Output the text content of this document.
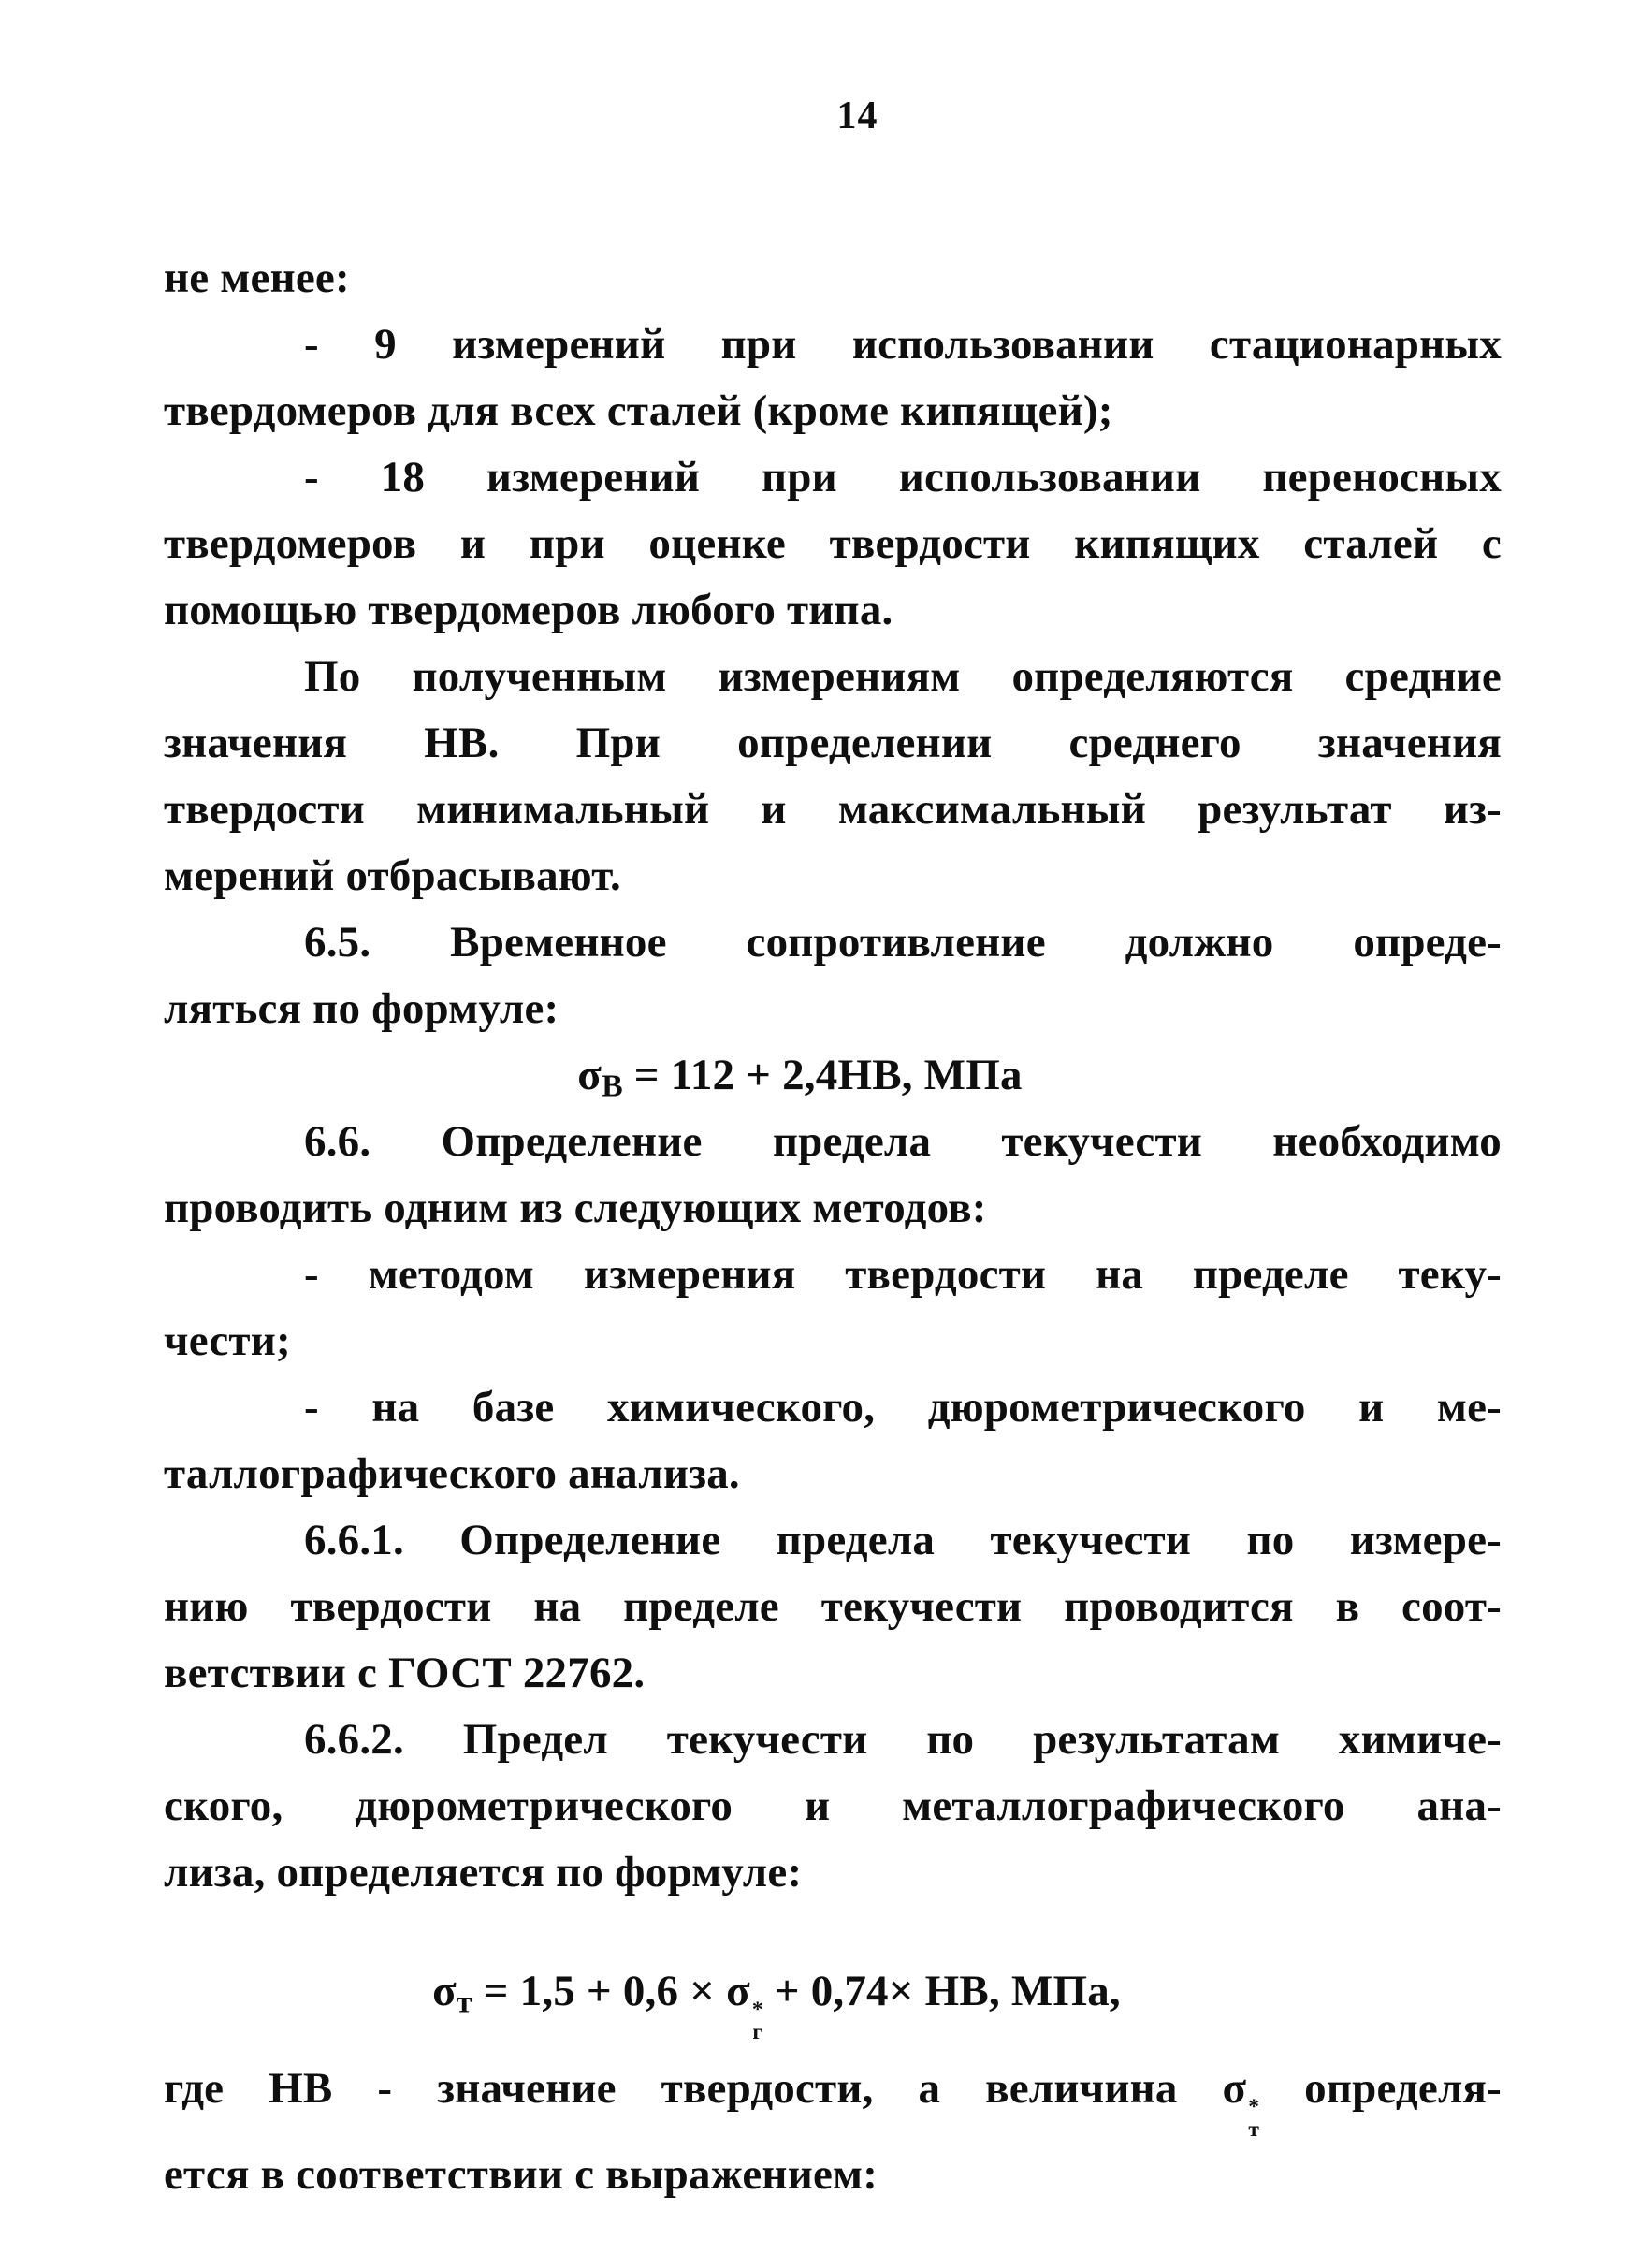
14
не менее:
- 9 измерений при использовании стационарных
твердомеров для всех сталей (кроме кипящей);
- 18 измерений при использовании переносных
твердомеров и при оценке твердости кипящих сталей с
помощью твердомеров любого типа.
По полученным измерениям определяются средние
значения НВ. При определении среднего значения
твердости минимальный и максимальный результат из-
мерений отбрасывают.
6.5. Временное сопротивление должно опреде-
ляться по формуле:
$\sigma_В = 112 + 2,4НВ$, МПа
6.6. Определение предела текучести необходимо
проводить одним из следующих методов:
- методом измерения твердости на пределе теку-
чести;
- на базе химического, дюрометрического и ме-
таллографического анализа.
6.6.1. Определение предела текучести по измере-
нию твердости на пределе текучести проводится в соот-
ветствии с ГОСТ 22762.
6.6.2. Предел текучести по результатам химиче-
ского, дюрометрического и металлографического ана-
лиза, определяется по формуле:
$\sigma_т = 1,5 + 0,6 \times \sigma$ *
г
+ 0,74× НВ, МПа,
где НВ - значение твердости, а величина σ *
т
определя-
ется в соответствии с выражением:
